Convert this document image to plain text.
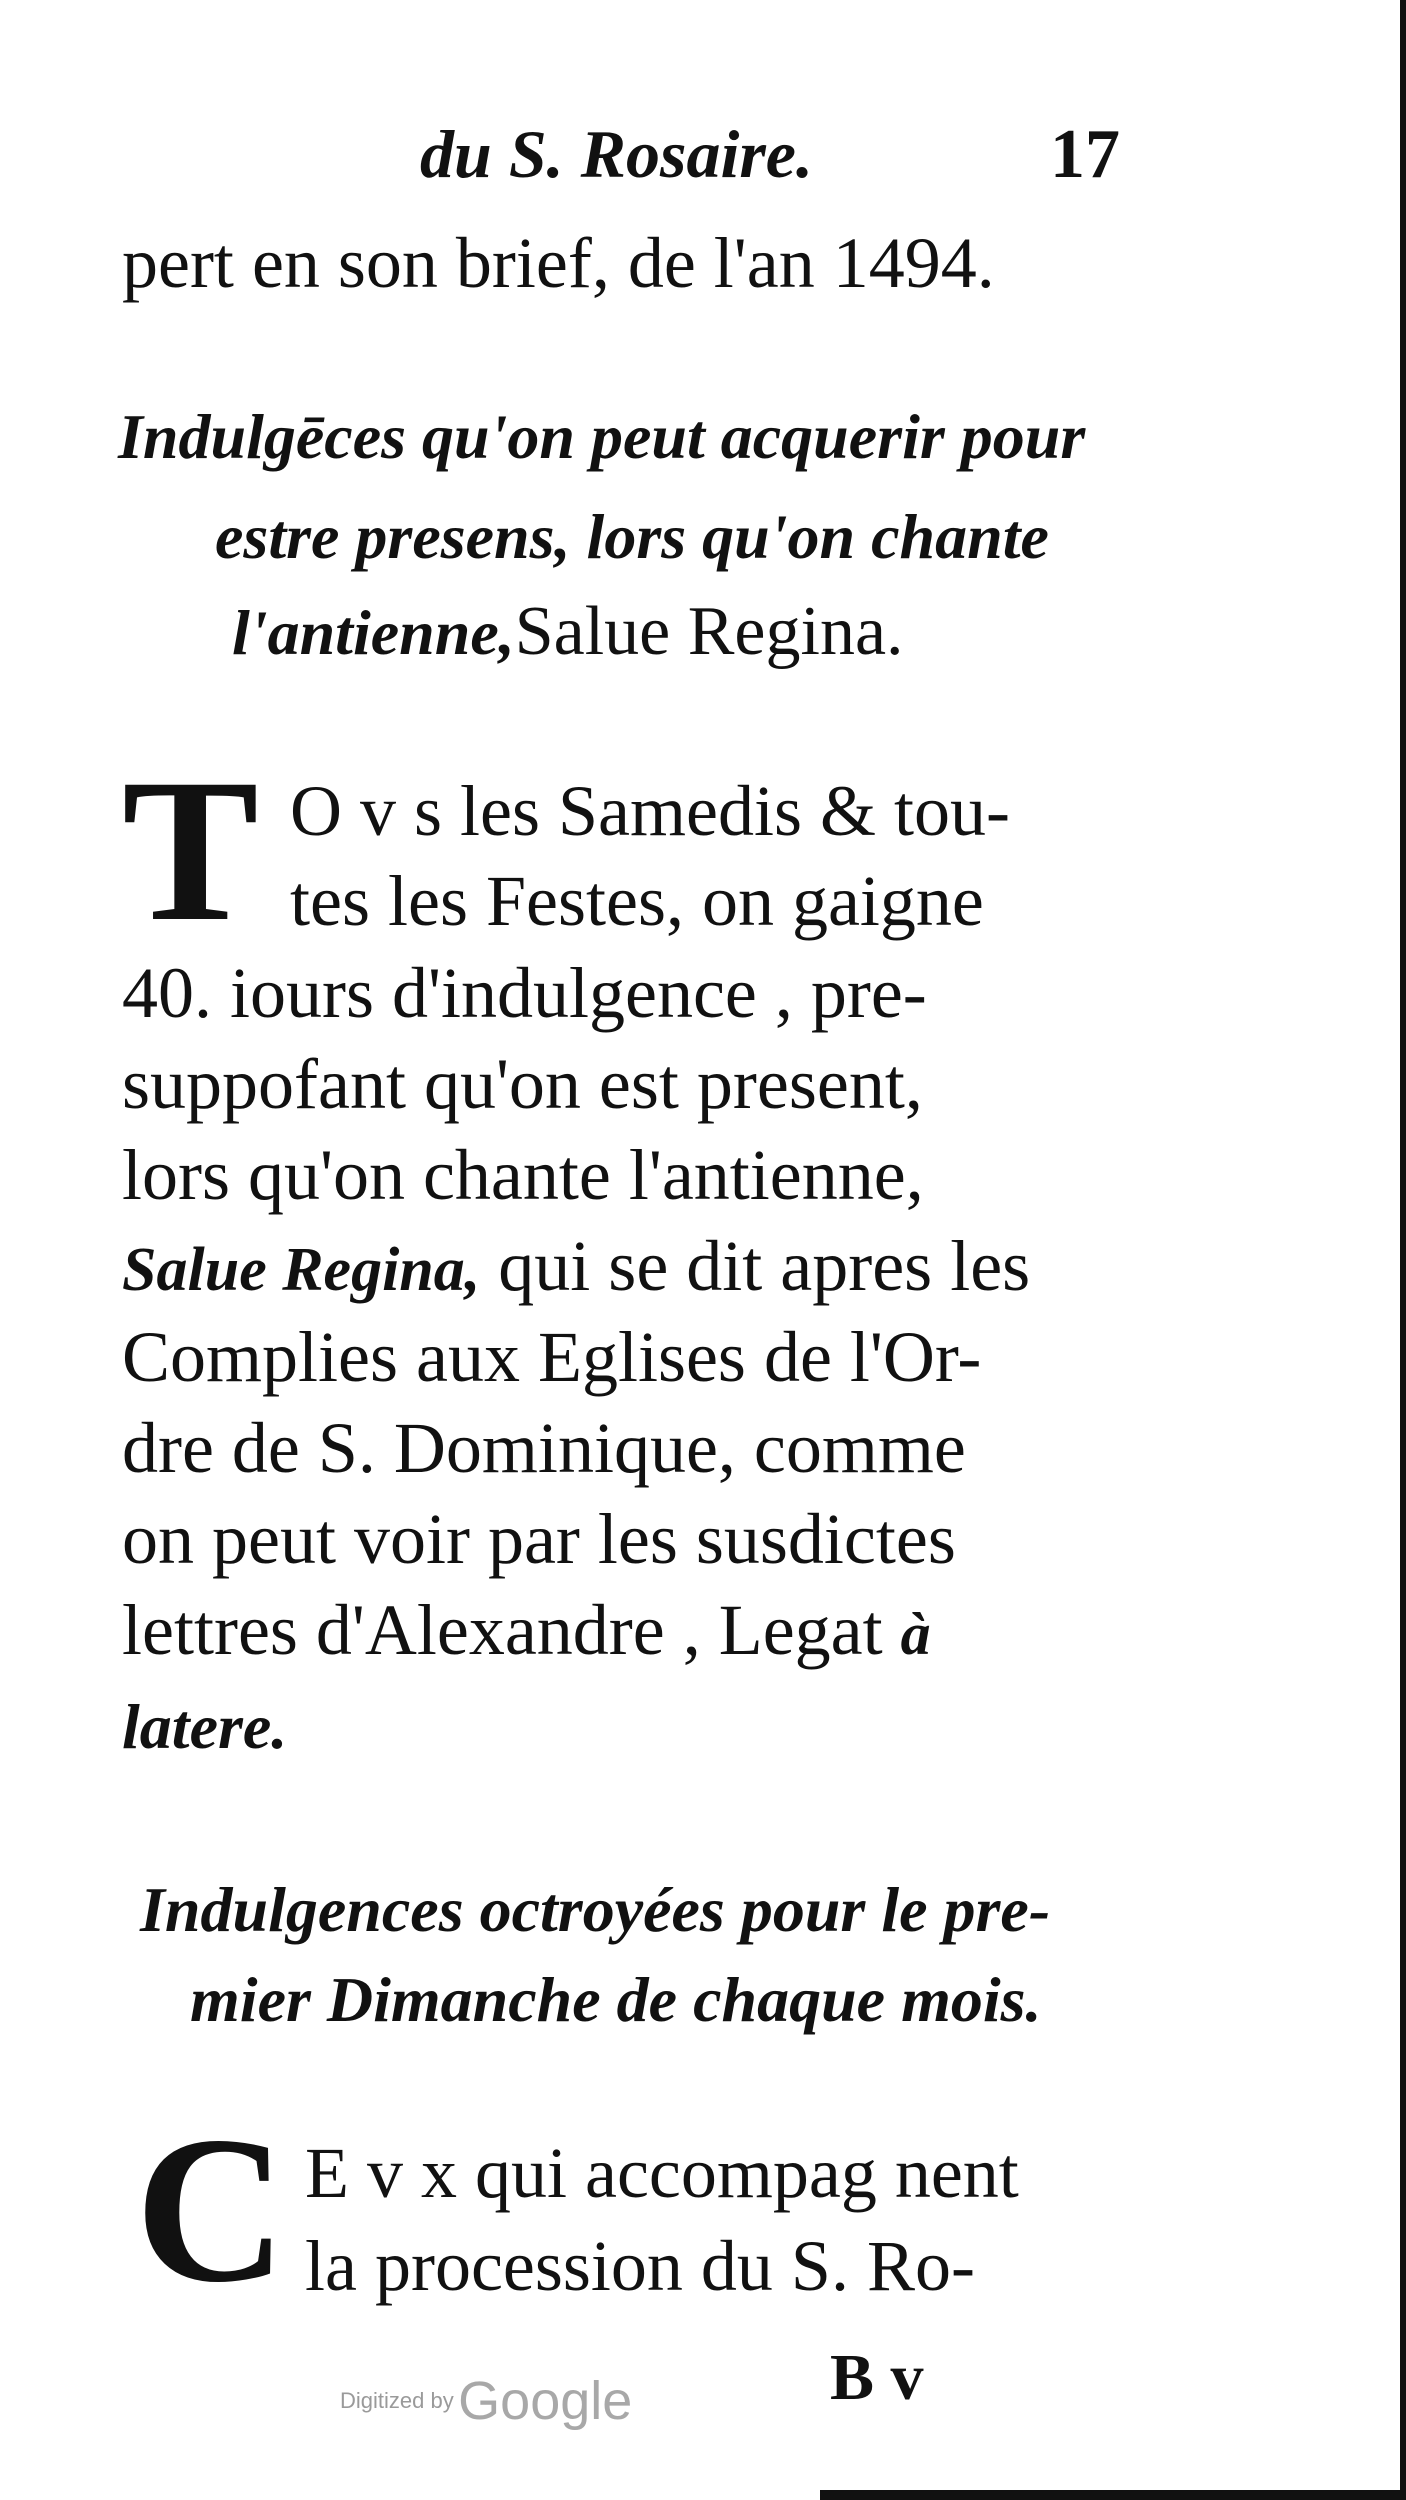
du S. Rosaire.	17
pert en son brief, de l'an 1494.
Indulgēces qu'on peut acquerir pour
estre presens, lors qu'on chante
l'antienne,Salue Regina.
T O v s les Samedis & tou-
tes les Festes, on gaigne
40. iours d'indulgence , pre-
suppofant qu'on est present,
lors qu'on chante l'antienne,
Salue Regina, qui se dit apres les
Complies aux Eglises de l'Or-
dre de S. Dominique, comme
on peut voir par les susdictes
lettres d'Alexandre , Legat à
latere.
Indulgences octroyées pour le pre-
mier Dimanche de chaque mois.
C E v x qui accompag nent
la procession du S. Ro-
B v
Digitized by Google
